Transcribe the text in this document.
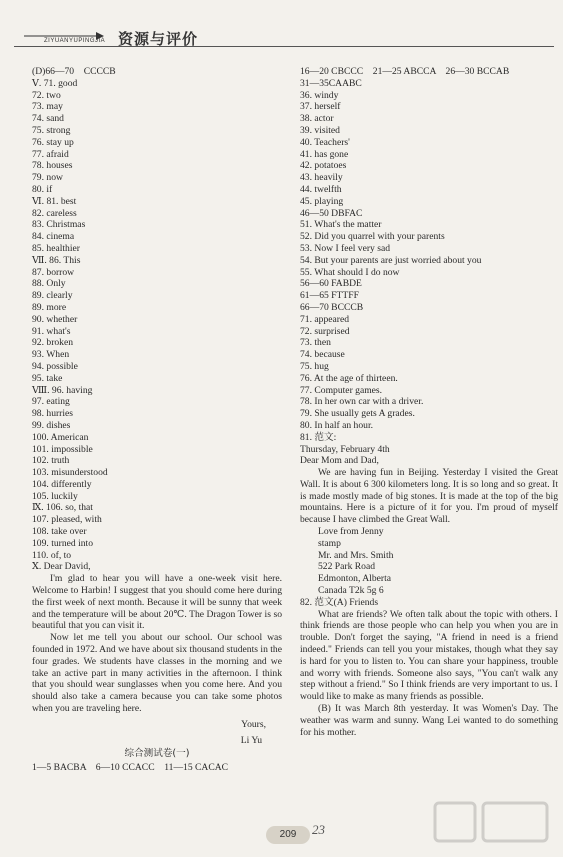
ZIYUANYUPINGJIA 资源与评价
(D)66—70　CCCCB
Ⅴ. 71. good
72. two
73. may
74. sand
75. strong
76. stay up
77. afraid
78. houses
79. now
80. if
Ⅵ. 81. best
82. careless
83. Christmas
84. cinema
85. healthier
Ⅶ. 86. This
87. borrow
88. Only
89. clearly
89. more
90. whether
91. what's
92. broken
93. When
94. possible
95. take
Ⅷ. 96. having
97. eating
98. hurries
99. dishes
100. American
101. impossible
102. truth
103. misunderstood
104. differently
105. luckily
Ⅸ. 106. so, that
107. pleased, with
108. take over
109. turned into
110. of, to
Ⅹ. Dear David,
I'm glad to hear you will have a one-week visit here. Welcome to Harbin! I suggest that you should come here during the first week of next month. Because it will be sunny that week and the temperature will be about 20℃. The Dragon Tower is so beautiful that you can visit it.
Now let me tell you about our school. Our school was founded in 1972. And we have about six thousand students in the four grades. We students have classes in the morning and we take an active part in many activities in the afternoon. I think that you should wear sunglasses when you come here. And you should also take a camera because you can take some photos when you are traveling here.
Yours,
Li Yu
综合测试卷(一)
1—5 BACBA　6—10 CCACC　11—15 CACAC
16—20 CBCCC　21—25 ABCCA　26—30 BCCAB
31—35CAABC
36. windy
37. herself
38. actor
39. visited
40. Teachers'
41. has gone
42. potatoes
43. heavily
44. twelfth
45. playing
46—50 DBFAC
51. What's the matter
52. Did you quarrel with your parents
53. Now I feel very sad
54. But your parents are just worried about you
55. What should I do now
56—60 FABDE
61—65 FTTFF
66—70 BCCCB
71. appeared
72. surprised
73. then
74. because
75. hug
76. At the age of thirteen.
77. Computer games.
78. In her own car with a driver.
79. She usually gets A grades.
80. In half an hour.
81. 范文:
Thursday, February 4th
Dear Mom and Dad,
We are having fun in Beijing. Yesterday I visited the Great Wall. It is about 6 300 kilometers long. It is so long and so great. It is made mostly made of big stones. It is made at the top of the big mountains. Here is a picture of it for you. I'm proud of myself because I have climbed the Great Wall.
Love from Jenny
stamp
Mr. and Mrs. Smith
522 Park Road
Edmonton, Alberta
Canada T2k 5g 6
82. 范文(A) Friends
What are friends? We often talk about the topic with others. I think friends are those people who can help you when you are in trouble. Don't forget the saying, "A friend in need is a friend indeed." Friends can tell you your mistakes, though what they say is hard for you to listen to. You can share your happiness, trouble and worry with friends. Someone also says, "You can't walk any step without a friend." So I think friends are very important to us. I would like to make as many friends as possible.
(B) It was March 8th yesterday. It was Women's Day. The weather was warm and sunny. Wang Lei wanted to do something for his mother.
209	23
